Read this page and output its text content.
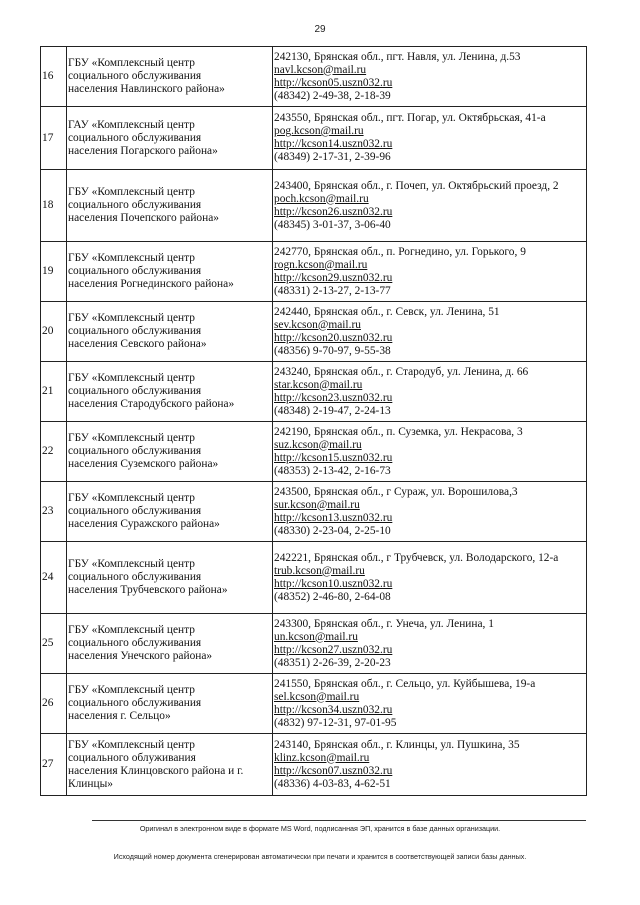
29
16	ГБУ «Комплексный центр
социального обслуживания
населения Навлинского района»	242130, Брянская обл., пгт. Навля, ул. Ленина, д.53
navl.kcson@mail.ru
http://kcson05.uszn032.ru
(48342) 2-49-38, 2-18-39

17	ГАУ «Комплексный центр
социального обслуживания
населения Погарского района»	243550, Брянская обл., пгт. Погар, ул. Октябрьская, 41-а
pog.kcson@mail.ru
http://kcson14.uszn032.ru
(48349) 2-17-31, 2-39-96

18	ГБУ «Комплексный центр
социального обслуживания
населения Почепского района»	243400, Брянская обл., г. Почеп, ул. Октябрьский проезд, 2
poch.kcson@mail.ru
http://kcson26.uszn032.ru
(48345) 3-01-37, 3-06-40

19	ГБУ «Комплексный центр
социального обслуживания
населения Рогнединского района»	242770, Брянская обл., п. Рогнедино, ул. Горького, 9
rogn.kcson@mail.ru
http://kcson29.uszn032.ru
(48331) 2-13-27, 2-13-77

20	ГБУ «Комплексный центр
социального обслуживания
населения Севского района»	242440, Брянская обл., г. Севск, ул. Ленина, 51
sev.kcson@mail.ru
http://kcson20.uszn032.ru
(48356) 9-70-97, 9-55-38

21	ГБУ «Комплексный центр
социального обслуживания
населения Стародубского района»	243240, Брянская обл., г. Стародуб, ул. Ленина, д. 66
star.kcson@mail.ru
http://kcson23.uszn032.ru
(48348) 2-19-47, 2-24-13

22	ГБУ «Комплексный центр
социального обслуживания
населения Суземского района»	242190, Брянская обл., п. Суземка, ул. Некрасова, 3
suz.kcson@mail.ru
http://kcson15.uszn032.ru
(48353) 2-13-42, 2-16-73

23	ГБУ «Комплексный центр
социального обслуживания
населения Суражского района»	243500, Брянская обл., г Сураж, ул. Ворошилова,3
sur.kcson@mail.ru
http://kcson13.uszn032.ru
(48330) 2-23-04, 2-25-10

24	ГБУ «Комплексный центр
социального обслуживания
населения Трубчевского района»	242221, Брянская обл., г Трубчевск, ул. Володарского, 12-а
trub.kcson@mail.ru
http://kcson10.uszn032.ru
(48352) 2-46-80, 2-64-08

25	ГБУ «Комплексный центр
социального обслуживания
населения Унечского района»	243300, Брянская обл., г. Унеча, ул. Ленина, 1
un.kcson@mail.ru
http://kcson27.uszn032.ru
(48351) 2-26-39, 2-20-23

26	ГБУ «Комплексный центр
социального обслуживания
населения г. Сельцо»	241550, Брянская обл., г. Сельцо, ул. Куйбышева, 19-а
sel.kcson@mail.ru
http://kcson34.uszn032.ru
(4832) 97-12-31, 97-01-95

27	ГБУ «Комплексный центр
социального облуживания
населения Клинцовского района и г.
Клинцы»	243140, Брянская обл., г. Клинцы, ул. Пушкина, 35
klinz.kcson@mail.ru
http://kcson07.uszn032.ru
(48336) 4-03-83, 4-62-51
Оригинал в электронном виде в формате MS Word, подписанная ЭП, хранится в базе данных организации.
Исходящий номер документа сгенерирован автоматически при печати и хранится в соответствующей записи базы данных.
